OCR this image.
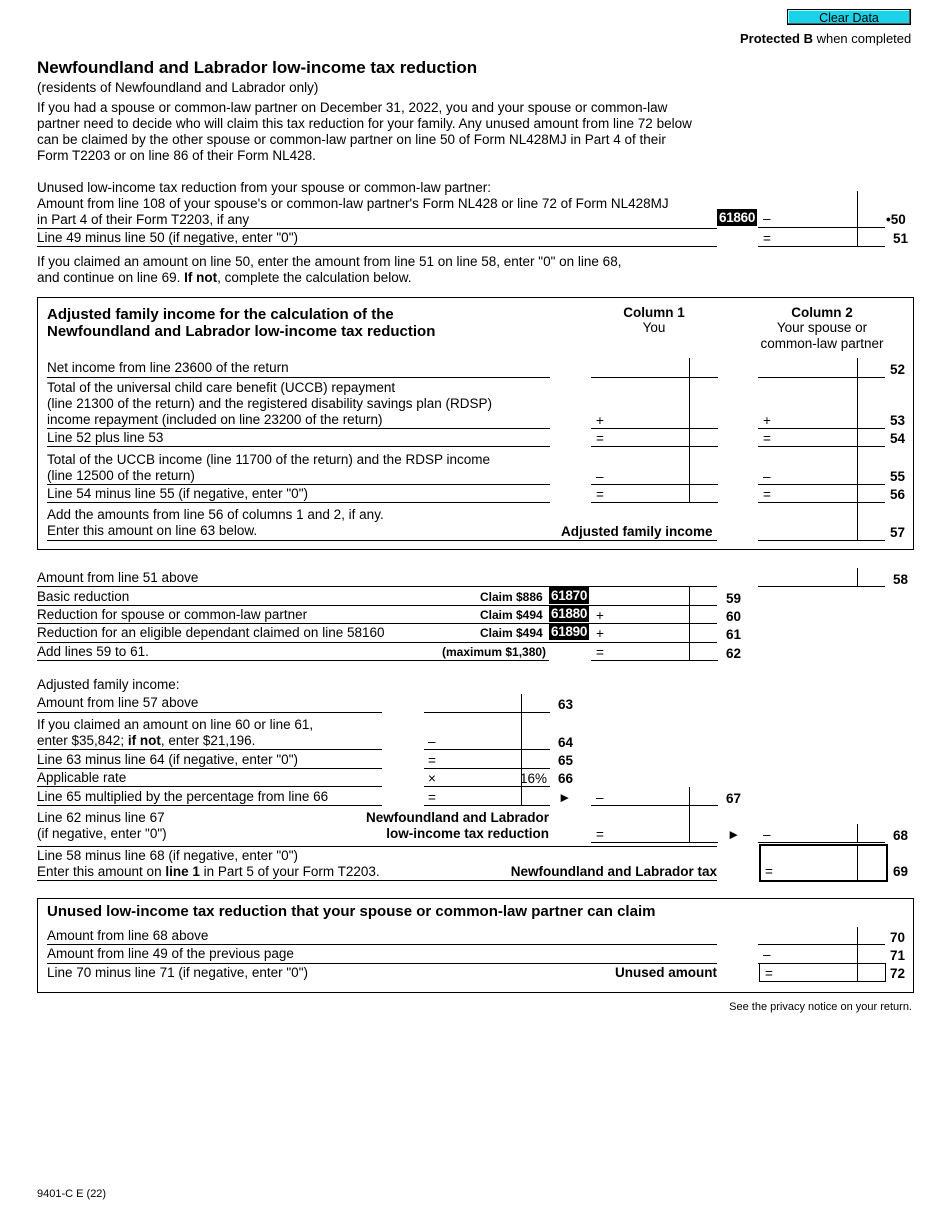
Clear Data
Protected B when completed
Newfoundland and Labrador low-income tax reduction
(residents of Newfoundland and Labrador only)
If you had a spouse or common-law partner on December 31, 2022, you and your spouse or common-law
partner need to decide who will claim this tax reduction for your family. Any unused amount from line 72 below
can be claimed by the other spouse or common-law partner on line 50 of Form NL428MJ in Part 4 of their
Form T2203 or on line 86 of their Form NL428.
Unused low-income tax reduction from your spouse or common-law partner:
Amount from line 108 of your spouse's or common-law partner's Form NL428 or line 72 of Form NL428MJ
in Part 4 of their Form T2203, if any	61860 –	•50
Line 49 minus line 50 (if negative, enter "0")	=	51
If you claimed an amount on line 50, enter the amount from line 51 on line 58, enter "0" on line 68,
and continue on line 69. If not, complete the calculation below.
Adjusted family income for the calculation of the
Newfoundland and Labrador low-income tax reduction
Column 1
You
Column 2
Your spouse or
common-law partner
Net income from line 23600 of the return	52
Total of the universal child care benefit (UCCB) repayment
(line 21300 of the return) and the registered disability savings plan (RDSP)
income repayment (included on line 23200 of the return)	+	+	53
Line 52 plus line 53	=	=	54
Total of the UCCB income (line 11700 of the return) and the RDSP income
(line 12500 of the return)	–	–	55
Line 54 minus line 55 (if negative, enter "0")	=	=	56
Add the amounts from line 56 of columns 1 and 2, if any.
Enter this amount on line 63 below.	Adjusted family income	57
Amount from line 51 above	58
Basic reduction	Claim $886 61870	59
Reduction for spouse or common-law partner	Claim $494 61880 +	60
Reduction for an eligible dependant claimed on line 58160	Claim $494 61890 +	61
Add lines 59 to 61.	(maximum $1,380)	=	62
Adjusted family income:
Amount from line 57 above	63
If you claimed an amount on line 60 or line 61,
enter $35,842; if not, enter $21,196.	–	64
Line 63 minus line 64 (if negative, enter "0")	=	65
Applicable rate	×	16% 66
Line 65 multiplied by the percentage from line 66	=	► –	67
Line 62 minus line 67
(if negative, enter "0")
Newfoundland and Labrador
low-income tax reduction	=	► –	68
Line 58 minus line 68 (if negative, enter "0")
Enter this amount on line 1 in Part 5 of your Form T2203.	Newfoundland and Labrador tax	=	69
Unused low-income tax reduction that your spouse or common-law partner can claim
Amount from line 68 above	70
Amount from line 49 of the previous page	–	71
Line 70 minus line 71 (if negative, enter "0")	Unused amount	=	72
See the privacy notice on your return.
9401-C E (22)
